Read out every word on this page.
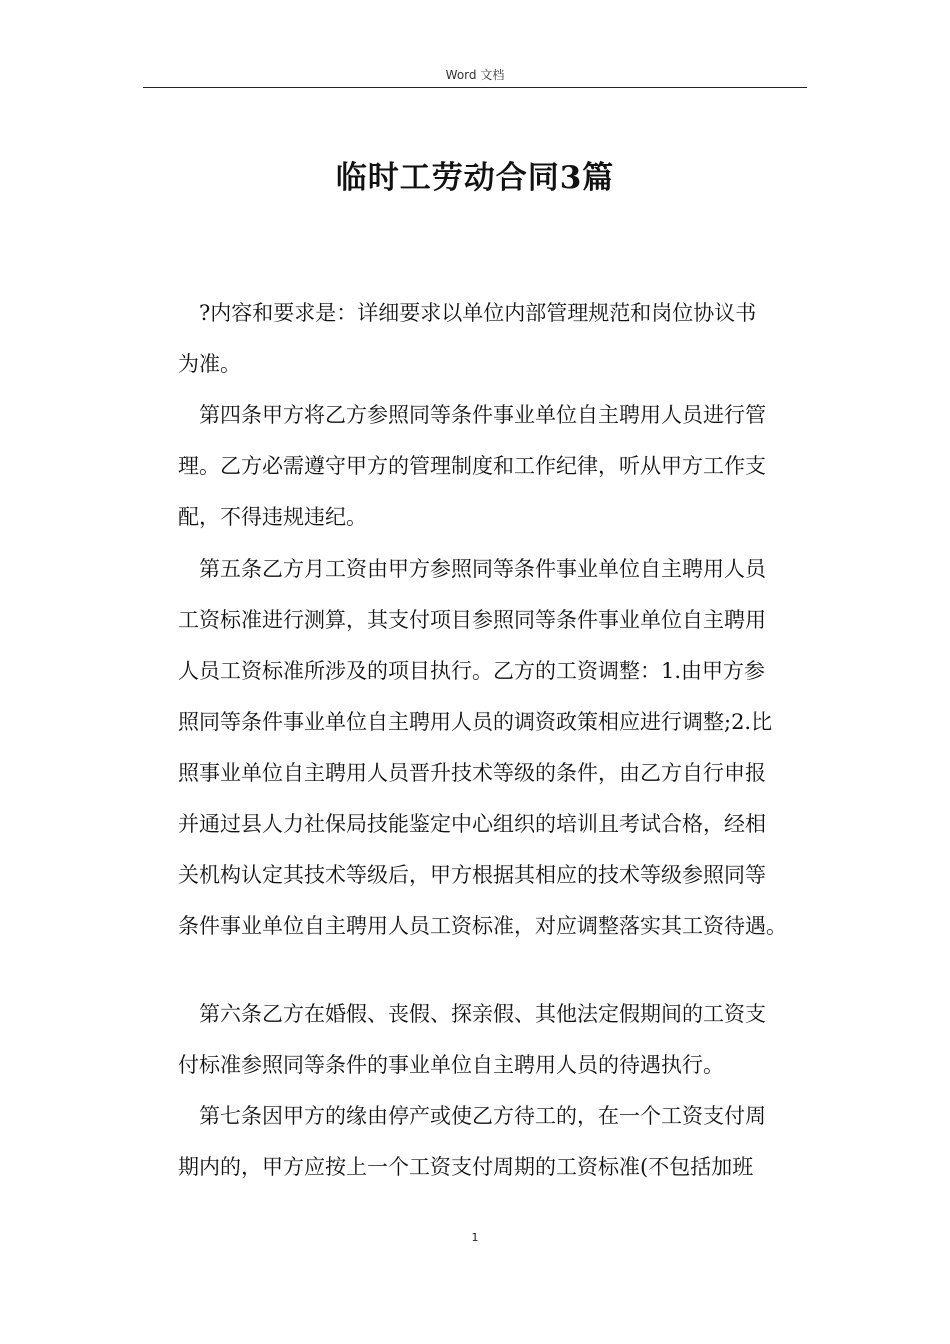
Word 文档
临时工劳动合同3篇
?内容和要求是：详细要求以单位内部管理规范和岗位协议书
为准。
第四条甲方将乙方参照同等条件事业单位自主聘用人员进行管
理。乙方必需遵守甲方的管理制度和工作纪律，听从甲方工作支
配，不得违规违纪。
第五条乙方月工资由甲方参照同等条件事业单位自主聘用人员
工资标准进行测算，其支付项目参照同等条件事业单位自主聘用
人员工资标准所涉及的项目执行。乙方的工资调整：1.由甲方参
照同等条件事业单位自主聘用人员的调资政策相应进行调整;2.比
照事业单位自主聘用人员晋升技术等级的条件，由乙方自行申报
并通过县人力社保局技能鉴定中心组织的培训且考试合格，经相
关机构认定其技术等级后，甲方根据其相应的技术等级参照同等
条件事业单位自主聘用人员工资标准，对应调整落实其工资待遇。
第六条乙方在婚假、丧假、探亲假、其他法定假期间的工资支
付标准参照同等条件的事业单位自主聘用人员的待遇执行。
第七条因甲方的缘由停产或使乙方待工的，在一个工资支付周
期内的，甲方应按上一个工资支付周期的工资标准(不包括加班
1
